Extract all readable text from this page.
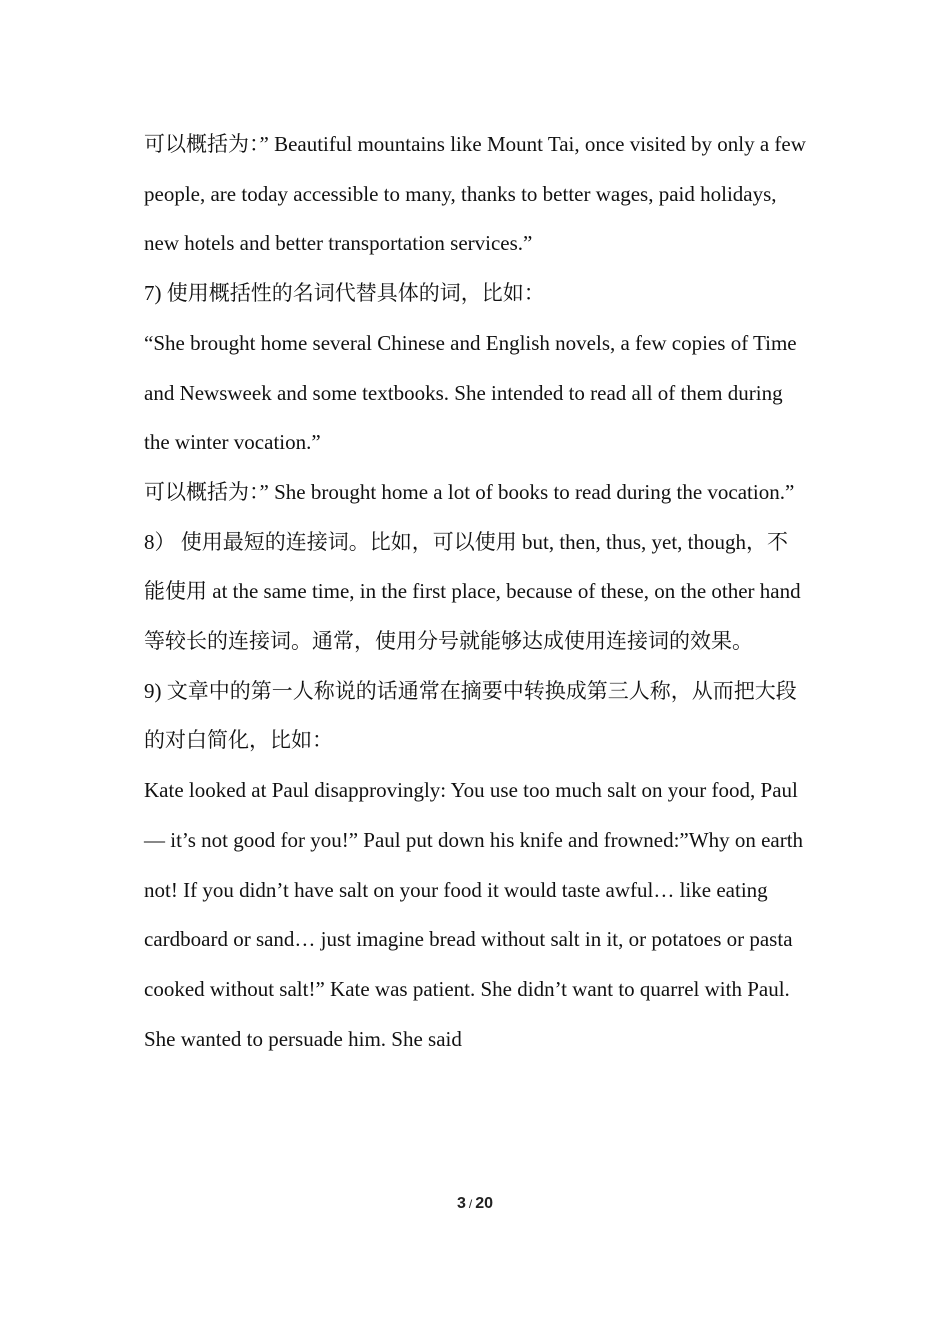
可以概括为：” Beautiful mountains like Mount Tai, once visited by only a few people, are today accessible to many, thanks to better wages, paid holidays, new hotels and better transportation services.”

7) 使用概括性的名词代替具体的词，比如：

“She brought home several Chinese and English novels, a few copies of Time and Newsweek and some textbooks. She intended to read all of them during the winter vocation.”

可以概括为：” She brought home a lot of books to read during the vocation.”

8） 使用最短的连接词。比如，可以使用 but, then, thus, yet, though，不能使用 at the same time, in the first place, because of these, on the other hand 等较长的连接词。通常，使用分号就能够达成使用连接词的效果。

9) 文章中的第一人称说的话通常在摘要中转换成第三人称，从而把大段的对白简化，比如：

Kate looked at Paul disapprovingly: You use too much salt on your food, Paul — it’s not good for you!” Paul put down his knife and frowned:”Why on earth not! If you didn’t have salt on your food it would taste awful… like eating cardboard or sand… just imagine bread without salt in it, or potatoes or pasta cooked without salt!” Kate was patient. She didn’t want to quarrel with Paul. She wanted to persuade him. She said

3 / 20
